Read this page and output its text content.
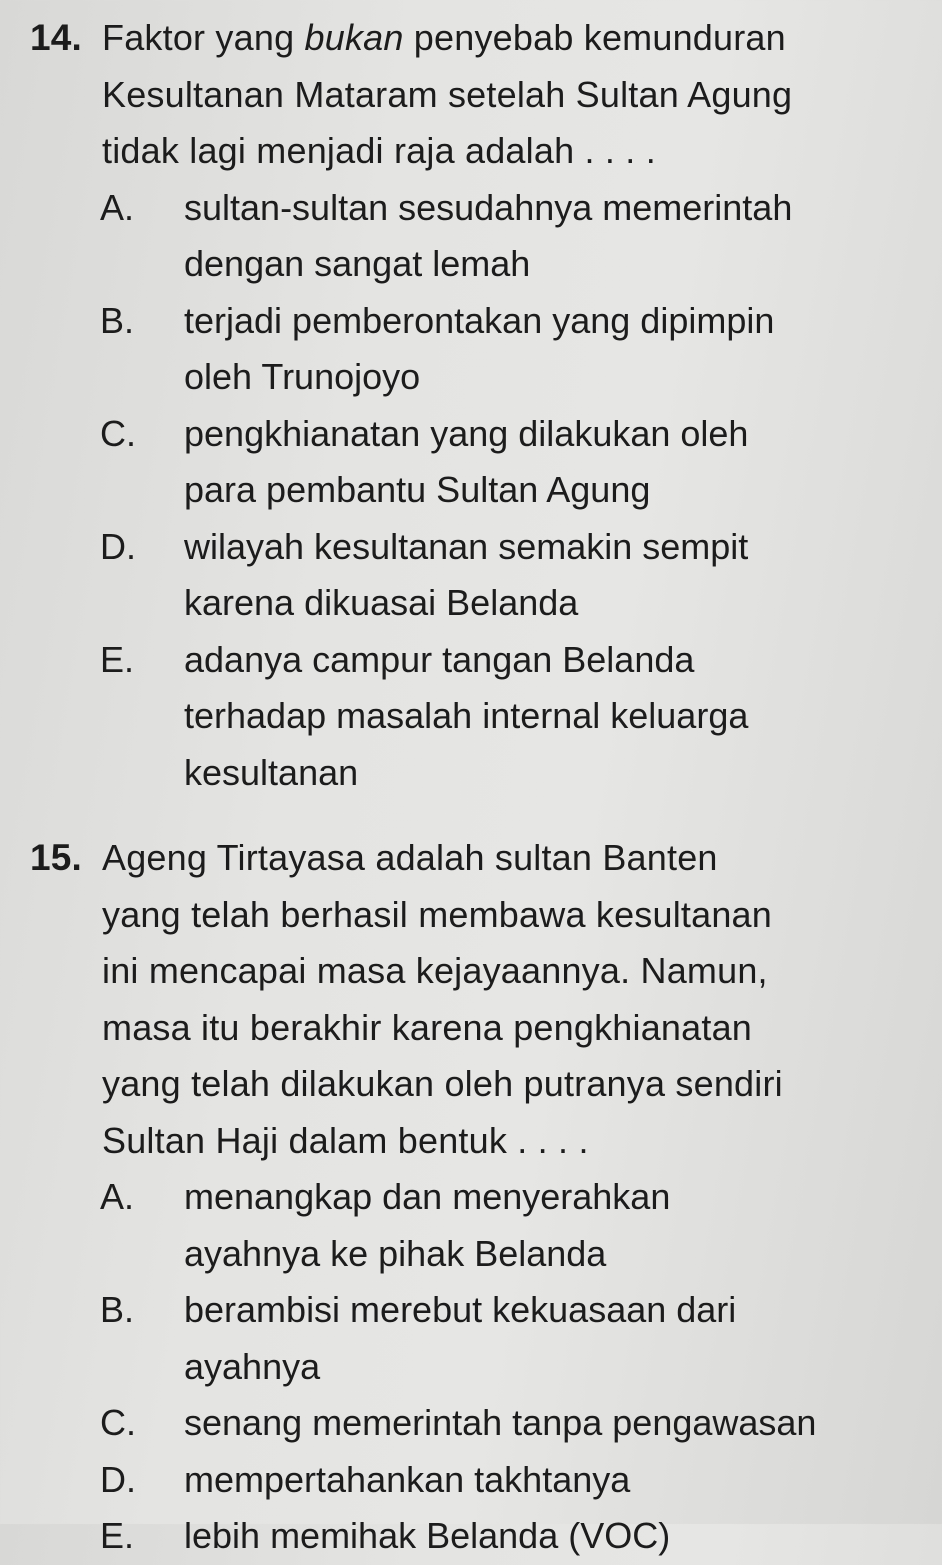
14. Faktor yang bukan penyebab kemunduran
Kesultanan Mataram setelah Sultan Agung
tidak lagi menjadi raja adalah . . . .
A. sultan-sultan sesudahnya memerintah
dengan sangat lemah
B. terjadi pemberontakan yang dipimpin
oleh Trunojoyo
C. pengkhianatan yang dilakukan oleh
para pembantu Sultan Agung
D. wilayah kesultanan semakin sempit
karena dikuasai Belanda
E. adanya campur tangan Belanda
terhadap masalah internal keluarga
kesultanan
15. Ageng Tirtayasa adalah sultan Banten
yang telah berhasil membawa kesultanan
ini mencapai masa kejayaannya. Namun,
masa itu berakhir karena pengkhianatan
yang telah dilakukan oleh putranya sendiri
Sultan Haji dalam bentuk . . . .
A. menangkap dan menyerahkan
ayahnya ke pihak Belanda
B. berambisi merebut kekuasaan dari
ayahnya
C. senang memerintah tanpa pengawasan
D. mempertahankan takhtanya
E. lebih memihak Belanda (VOC)
